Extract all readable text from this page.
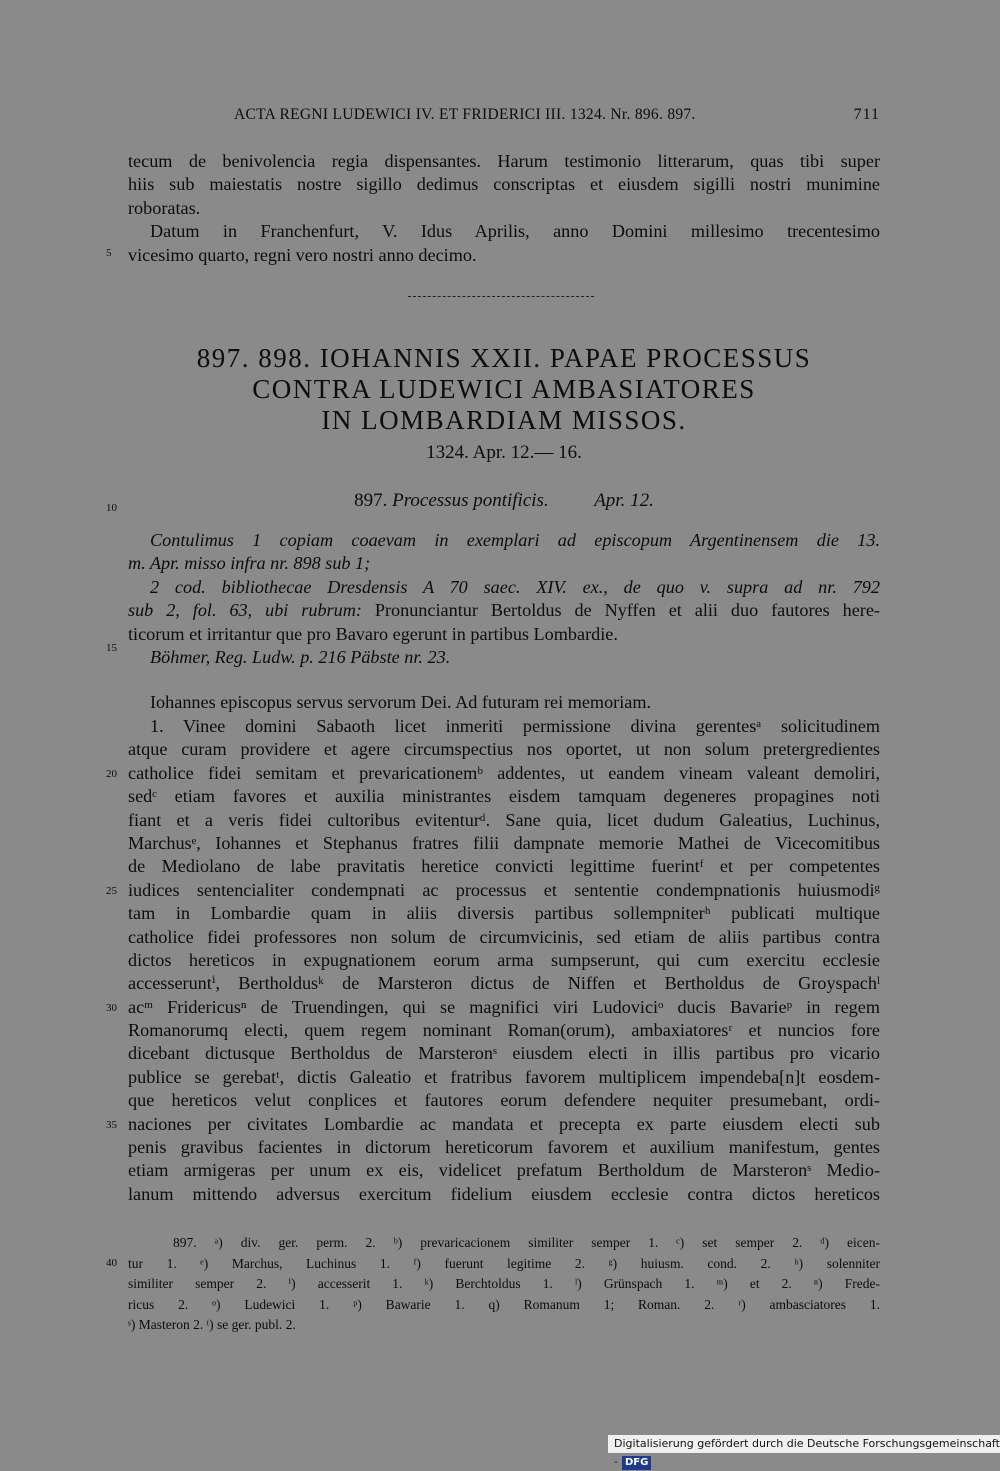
ACTA REGNI LUDEWICI IV. ET FRIDERICI III. 1324. Nr. 896. 897.	711
tecum de benivolencia regia dispensantes. Harum testimonio litterarum, quas tibi super
hiis sub maiestatis nostre sigillo dedimus conscriptas et eiusdem sigilli nostri munimine
roboratas.
Datum in Franchenfurt, V. Idus Aprilis, anno Domini millesimo trecentesimo
vicesimo quarto, regni vero nostri anno decimo.
5
897. 898. IOHANNIS XXII. PAPAE PROCESSUS
CONTRA LUDEWICI AMBASIATORES
IN LOMBARDIAM MISSOS.
1324. Apr. 12.— 16.
10	897. Processus pontificis. Apr. 12.
Contulimus 1 copiam coaevam in exemplari ad episcopum Argentinensem die 13.
m. Apr. misso infra nr. 898 sub 1;
2 cod. bibliothecae Dresdensis A 70 saec. XIV. ex., de quo v. supra ad nr. 792
sub 2, fol. 63, ubi rubrum: Pronunciantur Bertoldus de Nyffen et alii duo fautores here-
ticorum et irritantur que pro Bavaro egerunt in partibus Lombardie.
Böhmer, Reg. Ludw. p. 216 Päbste nr. 23.
15
Iohannes episcopus servus servorum Dei. Ad futuram rei memoriam.
1. Vinee domini Sabaoth licet inmeriti permissione divina gerentesᵃ solicitudinem
atque curam providere et agere circumspectius nos oportet, ut non solum pretergredientes
catholice fidei semitam et prevaricationemᵇ addentes, ut eandem vineam valeant demoliri,
sedᶜ etiam favores et auxilia ministrantes eisdem tamquam degeneres propagines noti
fiant et a veris fidei cultoribus evitenturᵈ. Sane quia, licet dudum Galeatius, Luchinus,
Marchusᵉ, Iohannes et Stephanus fratres filii dampnate memorie Mathei de Vicecomitibus
de Mediolano de labe pravitatis heretice convicti legittime fuerintᶠ et per competentes
iudices sentencialiter condempnati ac processus et sententie condempnationis huiusmodiᵍ
tam in Lombardie quam in aliis diversis partibus sollempniterʰ publicati multique
catholice fidei professores non solum de circumvicinis, sed etiam de aliis partibus contra
dictos hereticos in expugnationem eorum arma sumpserunt, qui cum exercitu ecclesie
accesseruntⁱ, Bertholdusᵏ de Marsteron dictus de Niffen et Bertholdus de Groyspachˡ
acᵐ Fridericusⁿ de Truendingen, qui se magnifici viri Ludoviciᵒ ducis Bavarieᵖ in regem
Romanorumq electi, quem regem nominant Roman(orum), ambaxiatoresʳ et nuncios fore
dicebant dictusque Bertholdus de Marsteronˢ eiusdem electi in illis partibus pro vicario
publice se gerebatᵗ, dictis Galeatio et fratribus favorem multiplicem impendeba[n]t eosdem-
que hereticos velut conplices et fautores eorum defendere nequiter presumebant, ordi-
naciones per civitates Lombardie ac mandata et precepta ex parte eiusdem electi sub
penis gravibus facientes in dictorum hereticorum favorem et auxilium manifestum, gentes
etiam armigeras per unum ex eis, videlicet prefatum Bertholdum de Marsteronˢ Medio-
lanum mittendo adversus exercitum fidelium eiusdem ecclesie contra dictos hereticos
20
25
30
35
897. ᵃ) div. ger. perm. 2. ᵇ) prevaricacionem similiter semper 1. ᶜ) set semper 2. ᵈ) eicen-
tur 1. ᵉ) Marchus, Luchinus 1. ᶠ) fuerunt legitime 2. ᵍ) huiusm. cond. 2. ʰ) solenniter
similiter semper 2. ⁱ) accesserit 1. ᵏ) Berchtoldus 1. ˡ) Grünspach 1. ᵐ) et 2. ⁿ) Frede-
ricus 2. ᵒ) Ludewici 1. ᵖ) Bawarie 1. q) Romanum 1; Roman. 2. ʳ) ambasciatores 1.
ˢ) Masteron 2. ᵗ) se ger. publ. 2.
40
Digitalisierung gefördert durch die Deutsche Forschungsgemeinschaft - DFG
